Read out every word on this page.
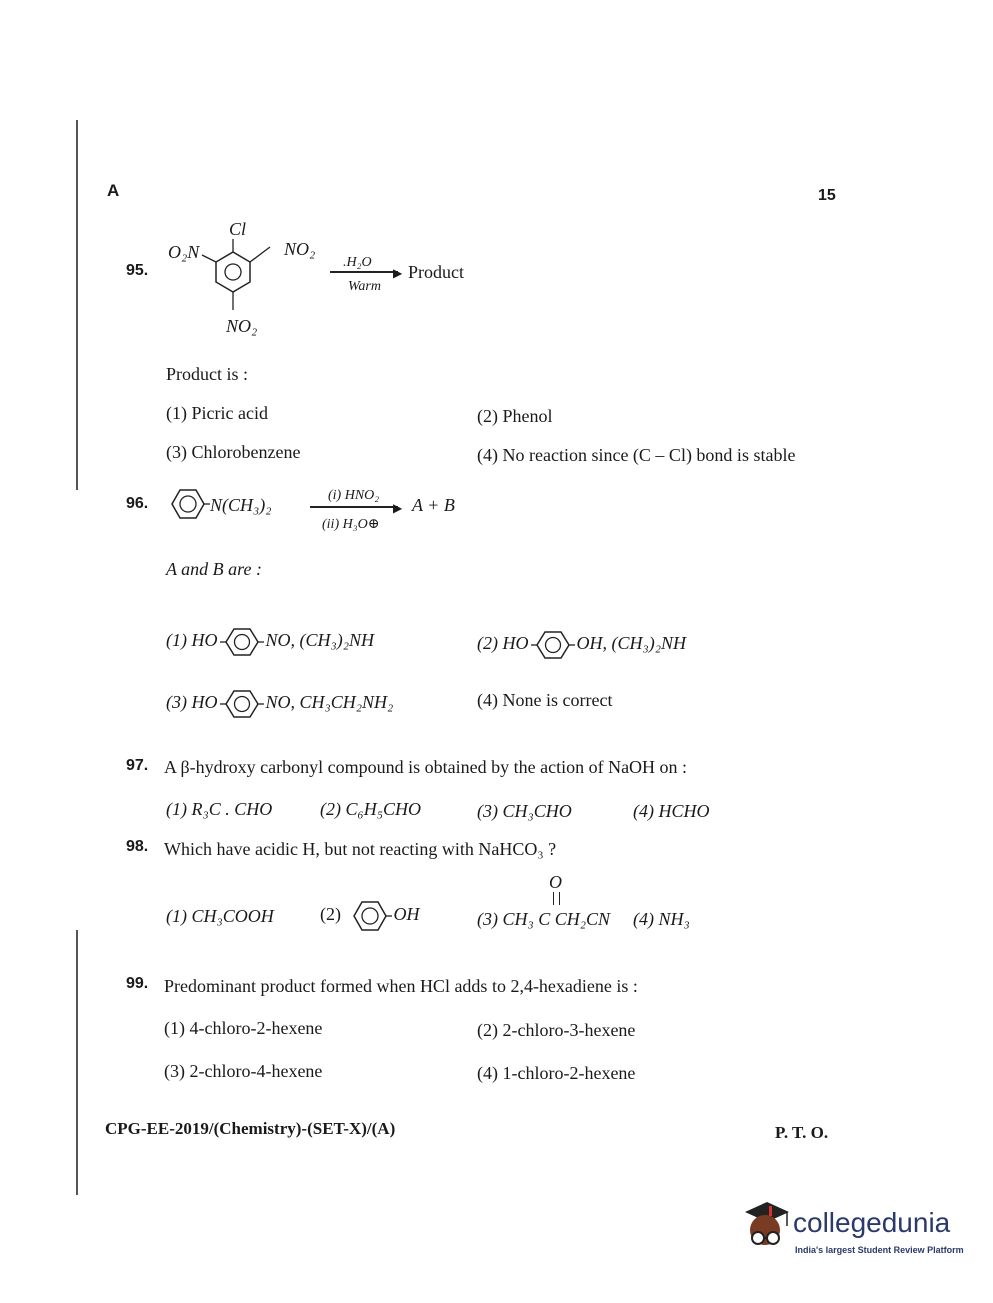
A	15
95.
Cl
O₂N	NO₂
NO₂
.H₂O
▶
Warm
Product
Product is :
(1) Picric acid	(2) Phenol
(3) Chlorobenzene	(4) No reaction since (C – Cl) bond is stable
96.	N(CH₃)₂	(i) HNO₂
▶
(ii) H₃O⊕
A + B
A and B are :
(1) HO	NO, (CH₃)₂NH	(2) HO	OH, (CH₃)₂NH
(3) HO	NO, CH₃CH₂NH₂	(4) None is correct
97. A β-hydroxy carbonyl compound is obtained by the action of NaOH on :
(1) R₃C . CHO	(2) C₆H₅CHO	(3) CH₃CHO	(4) HCHO
98. Which have acidic H, but not reacting with NaHCO₃ ?
(1) CH₃COOH	(2)	OH
O
(3) CH₃ C CH₂CN (4) NH₃
99. Predominant product formed when HCl adds to 2,4-hexadiene is :
(1) 4-chloro-2-hexene	(2) 2-chloro-3-hexene
(3) 2-chloro-4-hexene	(4) 1-chloro-2-hexene
CPG-EE-2019/(Chemistry)-(SET-X)/(A)	P. T. O.
collegedunia
India's largest Student Review Platform
